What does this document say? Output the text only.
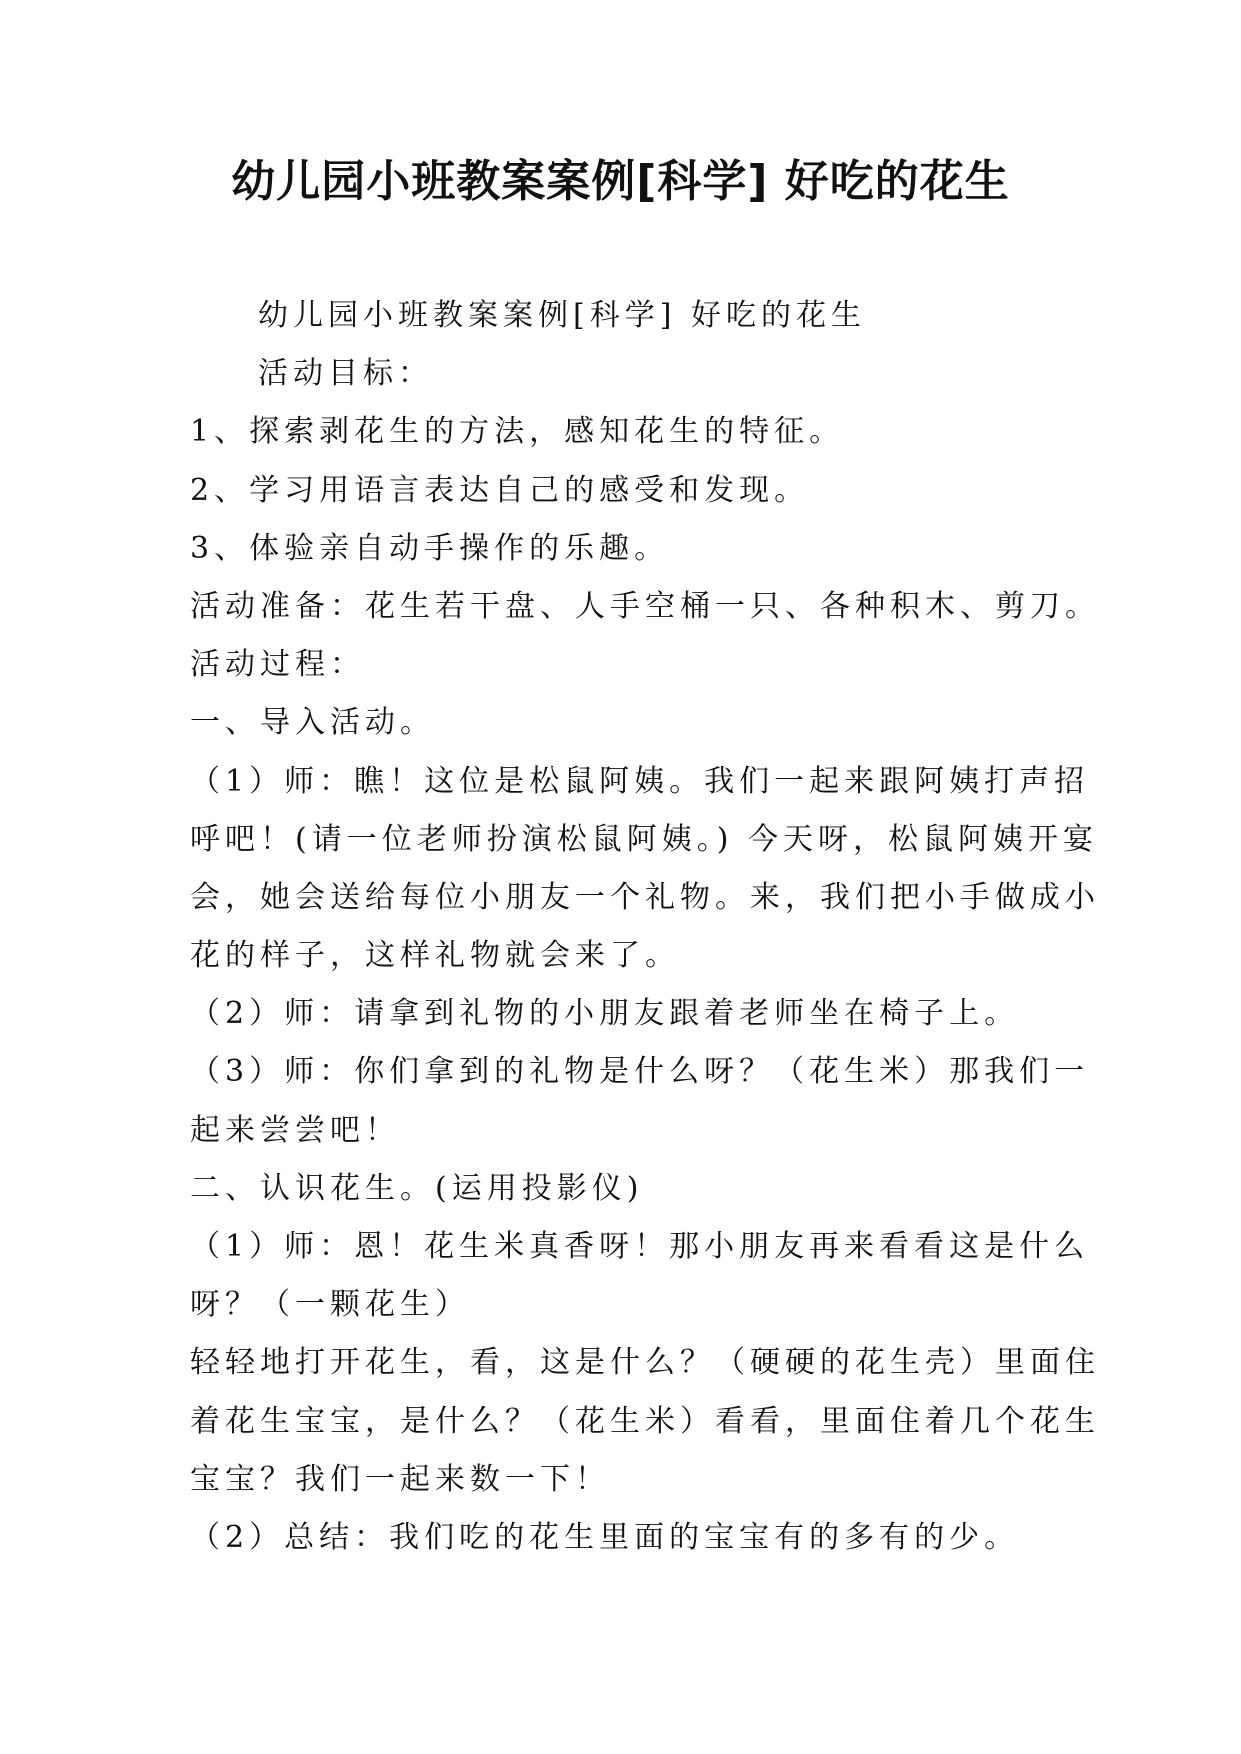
幼儿园小班教案案例[科学] 好吃的花生
幼儿园小班教案案例[科学] 好吃的花生
活动目标：
1、探索剥花生的方法，感知花生的特征。
2、学习用语言表达自己的感受和发现。
3、体验亲自动手操作的乐趣。
活动准备：花生若干盘、人手空桶一只、各种积木、剪刀。
活动过程：
一、导入活动。
（1）师：瞧！这位是松鼠阿姨。我们一起来跟阿姨打声招
呼吧！(请一位老师扮演松鼠阿姨。) 今天呀，松鼠阿姨开宴
会，她会送给每位小朋友一个礼物。来，我们把小手做成小
花的样子，这样礼物就会来了。
（2）师：请拿到礼物的小朋友跟着老师坐在椅子上。
（3）师：你们拿到的礼物是什么呀？（花生米）那我们一
起来尝尝吧！
二、认识花生。(运用投影仪)
（1）师：恩！花生米真香呀！那小朋友再来看看这是什么
呀？（一颗花生）
轻轻地打开花生，看，这是什么？（硬硬的花生壳）里面住
着花生宝宝，是什么？（花生米）看看，里面住着几个花生
宝宝？我们一起来数一下！
（2）总结：我们吃的花生里面的宝宝有的多有的少。
